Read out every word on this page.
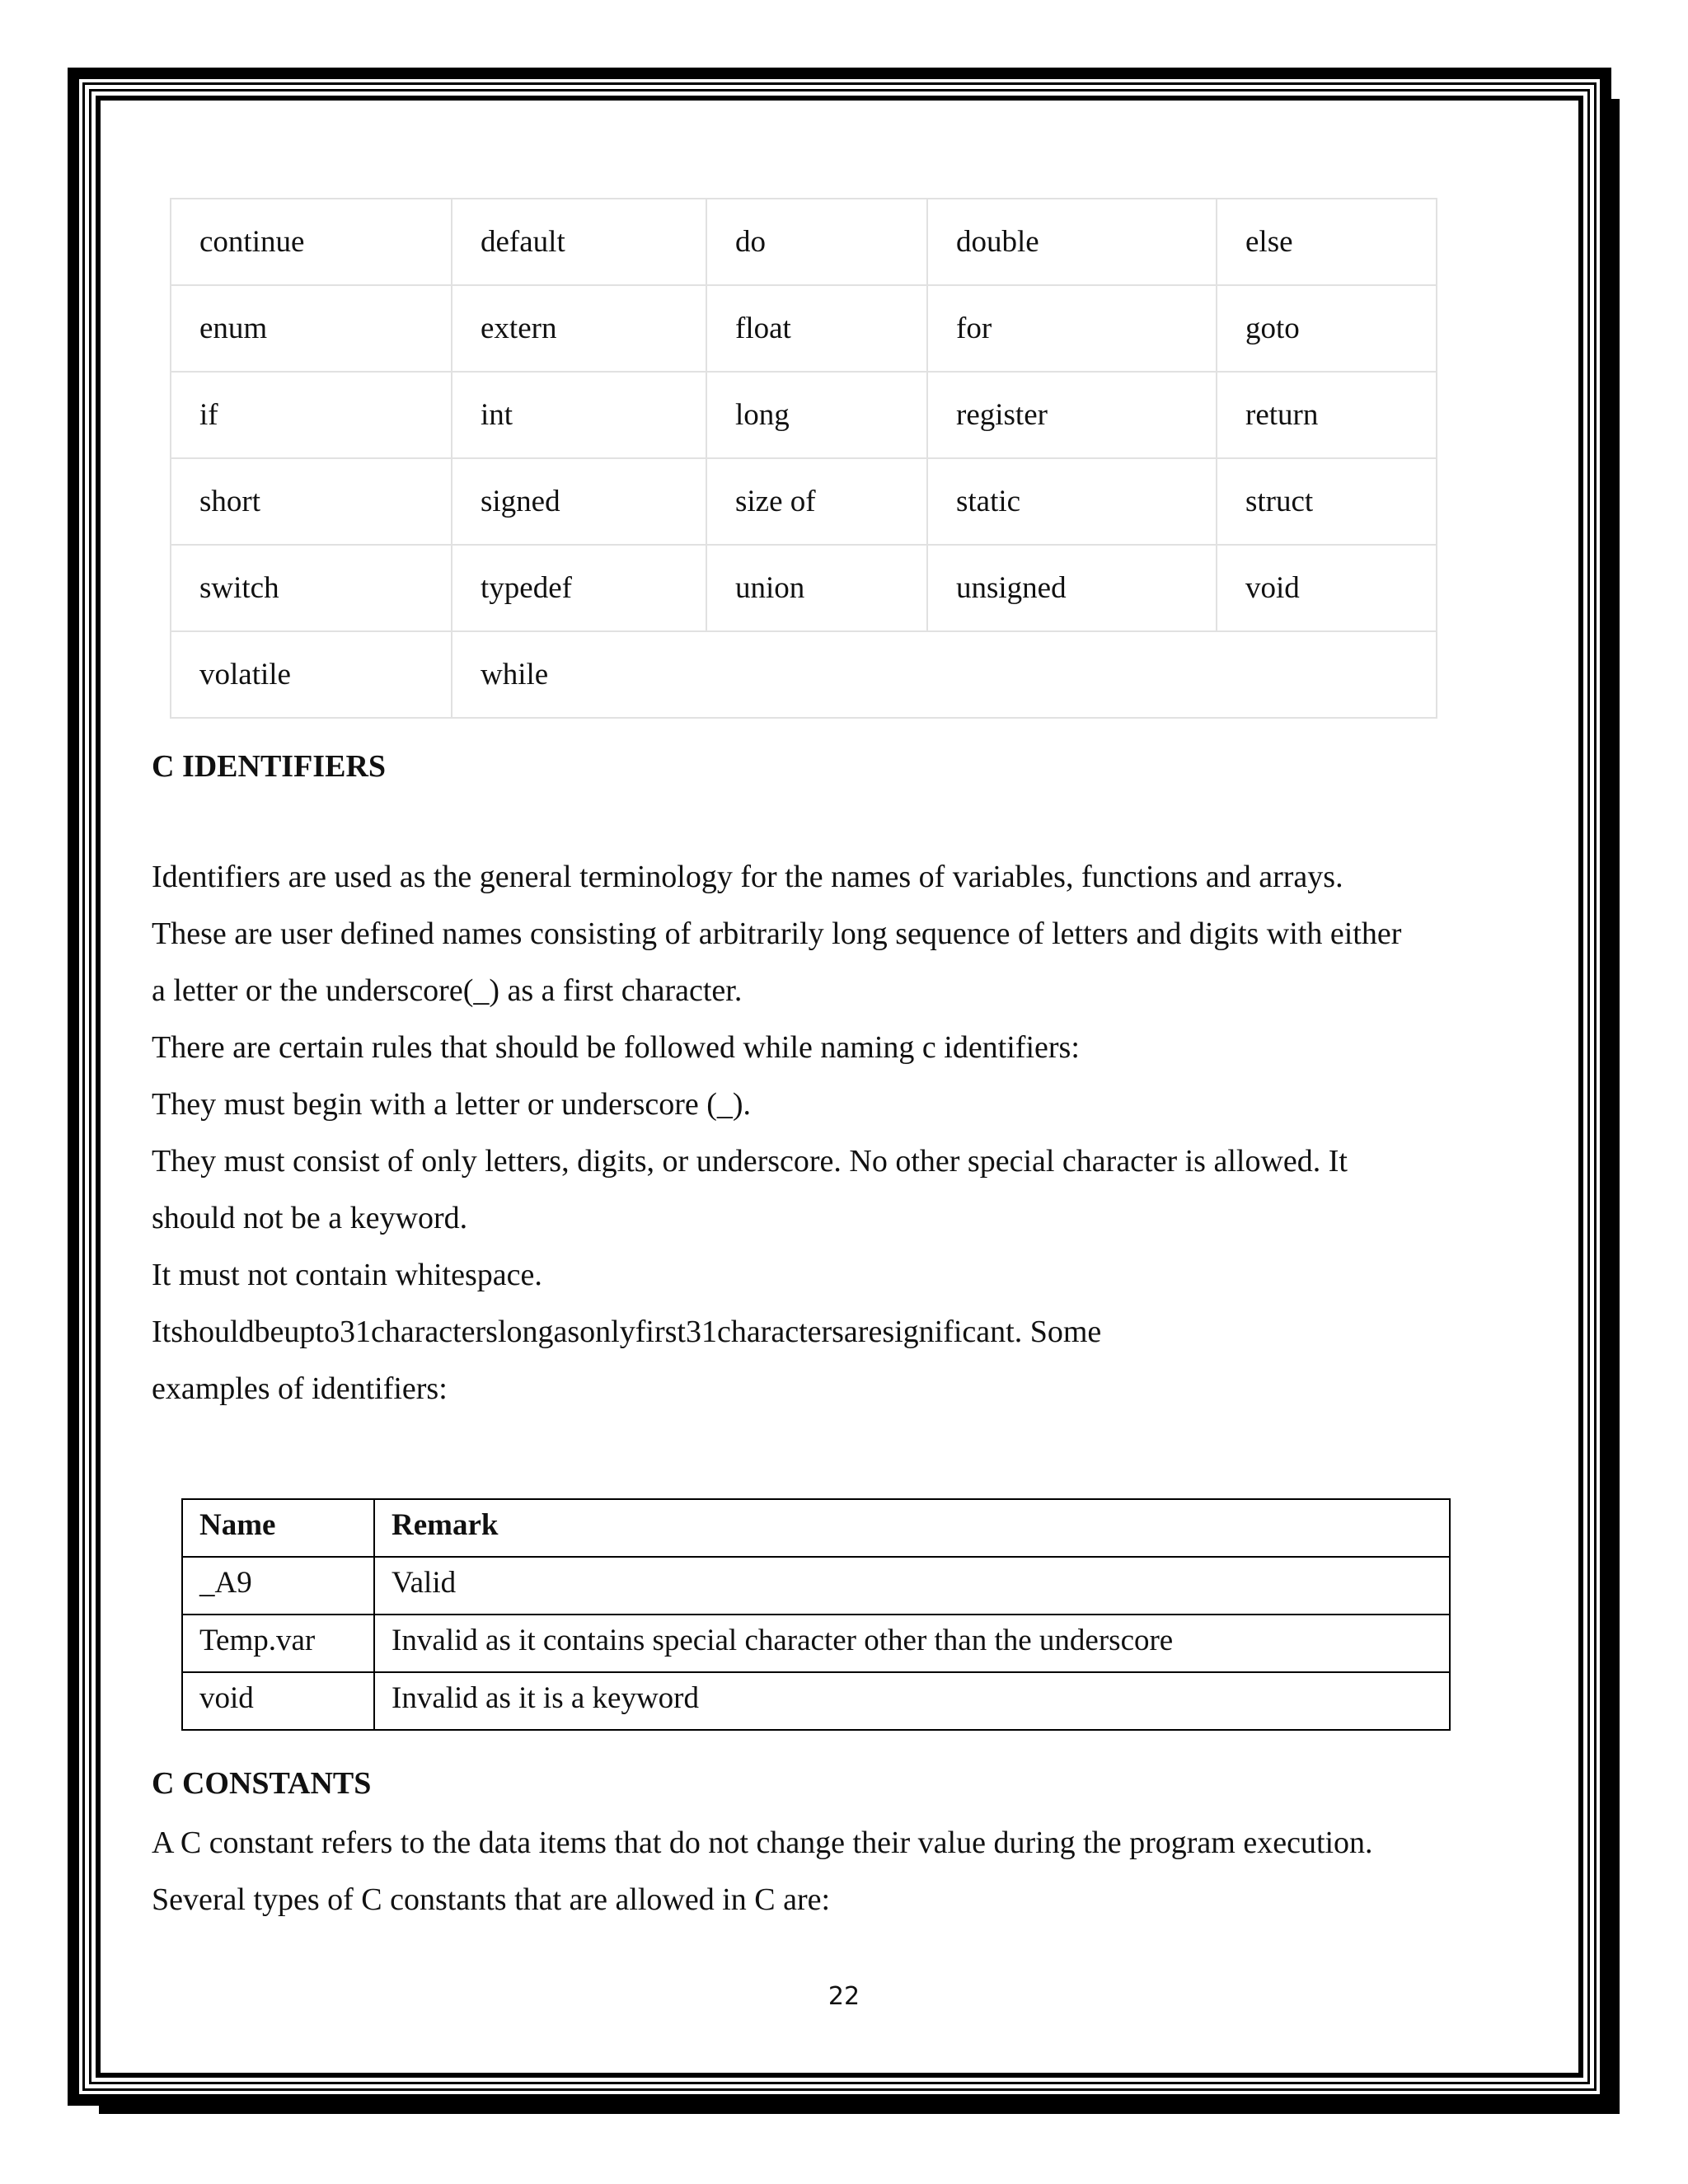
continue	default	do	double	else
enum	extern	float	for	goto
if	int	long	register	return
short	signed	size of	static	struct
switch	typedef	union	unsigned	void
volatile	while			
C IDENTIFIERS

Identifiers are used as the general terminology for the names of variables, functions and arrays.
These are user defined names consisting of arbitrarily long sequence of letters and digits with either
a letter or the underscore(_) as a first character.
There are certain rules that should be followed while naming c identifiers:
They must begin with a letter or underscore (_).
They must consist of only letters, digits, or underscore. No other special character is allowed. It
should not be a keyword.
It must not contain whitespace.
Itshouldbeupto31characterslongasonlyfirst31charactersaresignificant. Some
examples of identifiers:

Name	Remark
_A9	Valid
Temp.var	Invalid as it contains special character other than the underscore
void	Invalid as it is a keyword
C CONSTANTS

A C constant refers to the data items that do not change their value during the program execution.
Several types of C constants that are allowed in C are:

22
